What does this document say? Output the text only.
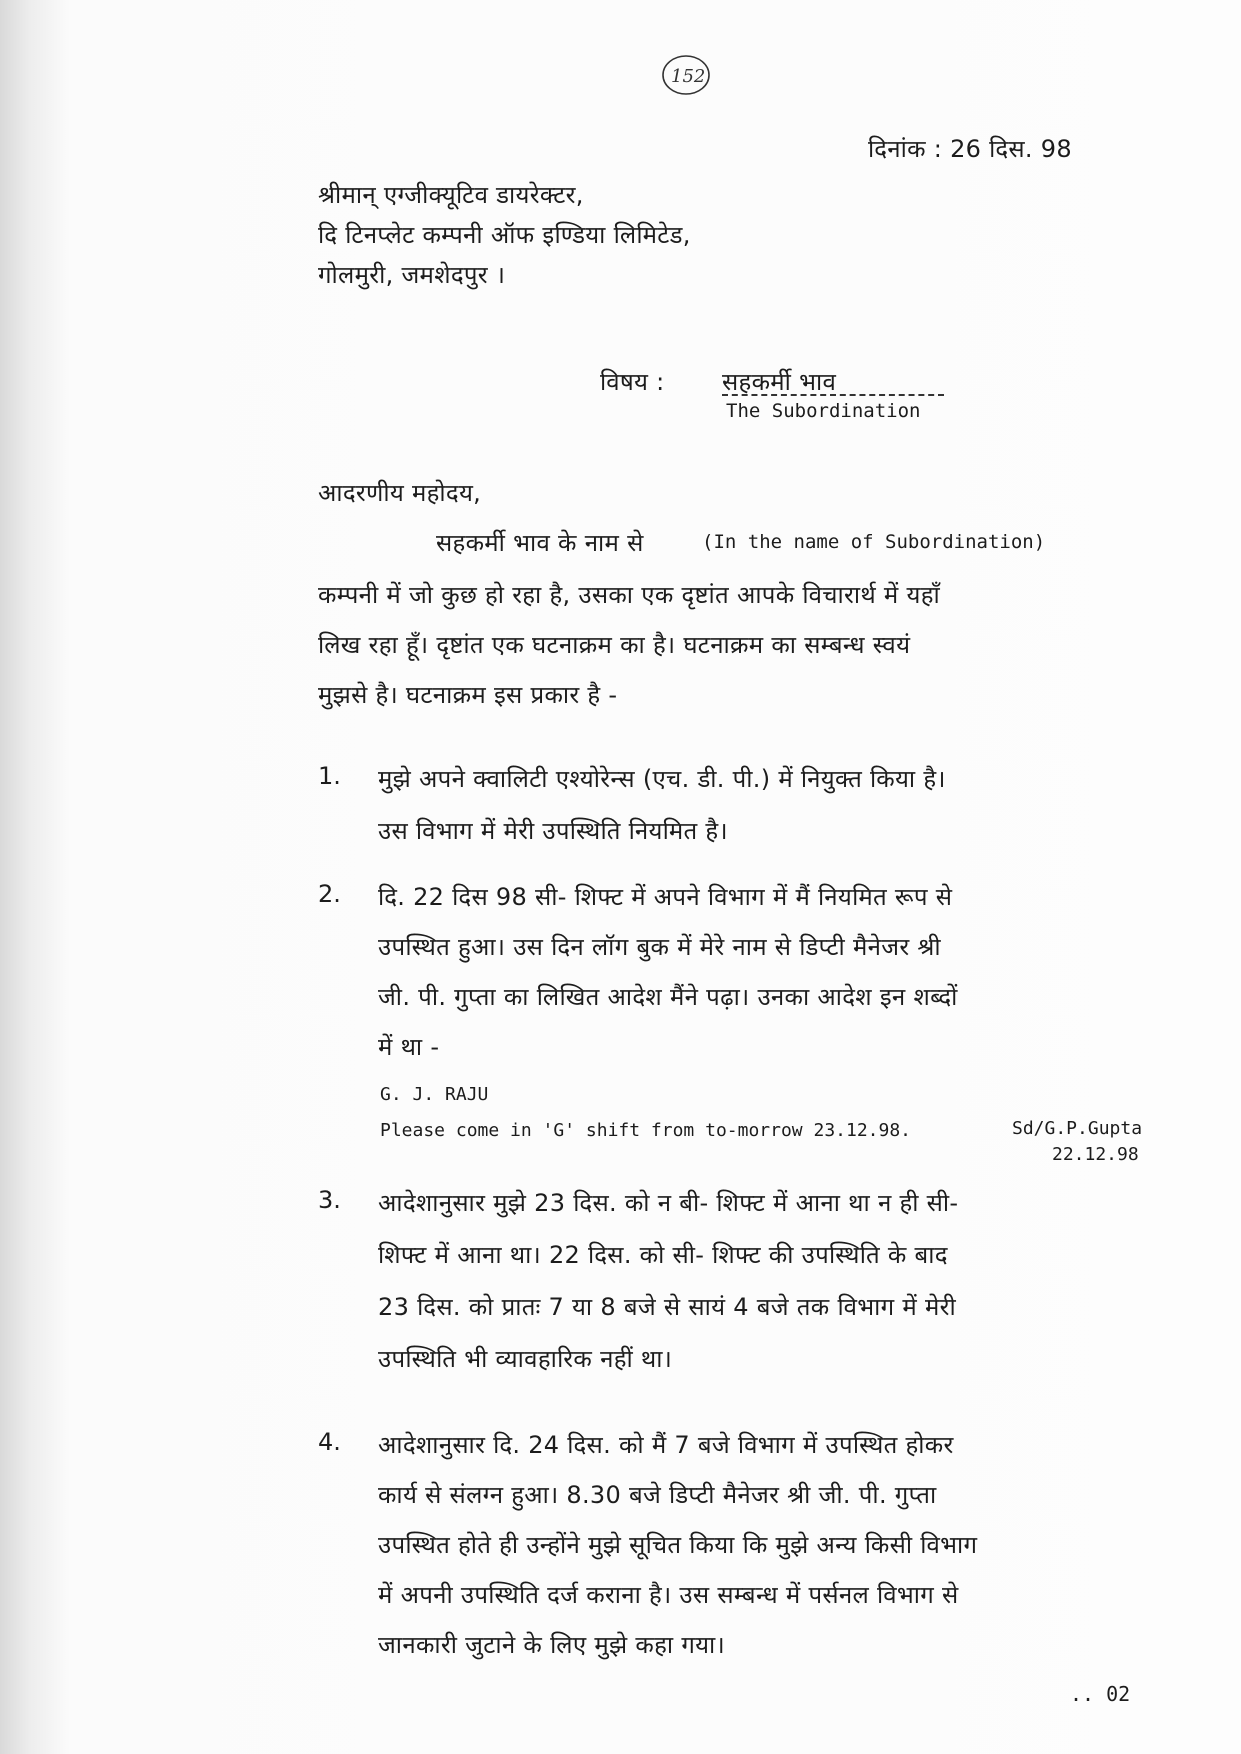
152
दिनांक : 26 दिस. 98
श्रीमान् एग्जीक्यूटिव डायरेक्टर,
दि टिनप्लेट कम्पनी ऑफ इण्डिया लिमिटेड,
गोलमुरी, जमशेदपुर ।
विषय : सहकर्मी भाव
The Subordination
आदरणीय महोदय,
सहकर्मी भाव के नाम से	(In the name of Subordination)
कम्पनी में जो कुछ हो रहा है, उसका एक दृष्टांत आपके विचारार्थ में यहाँ
लिख रहा हूँ। दृष्टांत एक घटनाक्रम का है। घटनाक्रम का सम्बन्ध स्वयं
मुझसे है। घटनाक्रम इस प्रकार है -
1. मुझे अपने क्वालिटी एश्योरेन्स (एच. डी. पी.) में नियुक्त किया है।
उस विभाग में मेरी उपस्थिति नियमित है।
2. दि. 22 दिस 98 सी- शिफ्ट में अपने विभाग में मैं नियमित रूप से
उपस्थित हुआ। उस दिन लॉग बुक में मेरे नाम से डिप्टी मैनेजर श्री
जी. पी. गुप्ता का लिखित आदेश मैंने पढ़ा। उनका आदेश इन शब्दों
में था -
G. J. RAJU
Please come in 'G' shift from to-morrow 23.12.98.	Sd/G.P.Gupta
22.12.98
3. आदेशानुसार मुझे 23 दिस. को न बी- शिफ्ट में आना था न ही सी-
शिफ्ट में आना था। 22 दिस. को सी- शिफ्ट की उपस्थिति के बाद
23 दिस. को प्रातः 7 या 8 बजे से सायं 4 बजे तक विभाग में मेरी
उपस्थिति भी व्यावहारिक नहीं था।
4. आदेशानुसार दि. 24 दिस. को मैं 7 बजे विभाग में उपस्थित होकर
कार्य से संलग्न हुआ। 8.30 बजे डिप्टी मैनेजर श्री जी. पी. गुप्ता
उपस्थित होते ही उन्होंने मुझे सूचित किया कि मुझे अन्य किसी विभाग
में अपनी उपस्थिति दर्ज कराना है। उस सम्बन्ध में पर्सनल विभाग से
जानकारी जुटाने के लिए मुझे कहा गया।
.. 02
